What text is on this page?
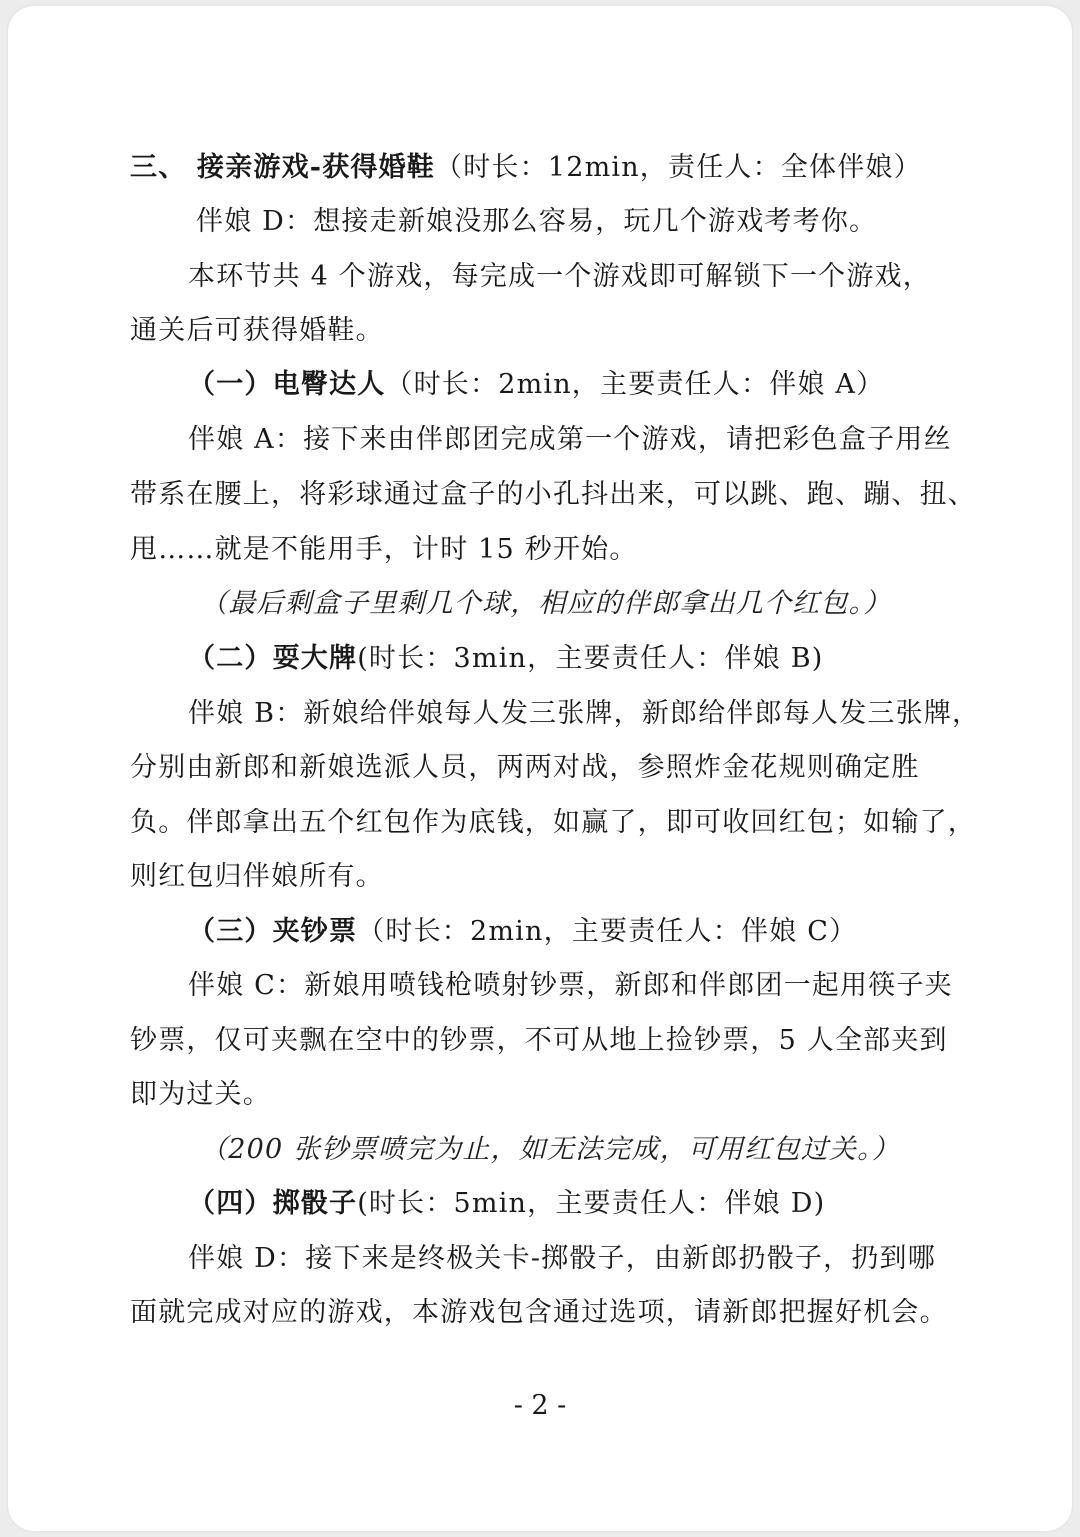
三、 接亲游戏-获得婚鞋（时长：12min，责任人：全体伴娘）
伴娘 D：想接走新娘没那么容易，玩几个游戏考考你。
本环节共 4 个游戏，每完成一个游戏即可解锁下一个游戏，
通关后可获得婚鞋。
（一）电臀达人（时长：2min，主要责任人：伴娘 A）
伴娘 A：接下来由伴郎团完成第一个游戏，请把彩色盒子用丝
带系在腰上，将彩球通过盒子的小孔抖出来，可以跳、跑、蹦、扭、
甩……就是不能用手，计时 15 秒开始。
（最后剩盒子里剩几个球，相应的伴郎拿出几个红包。）
（二）耍大牌(时长：3min，主要责任人：伴娘 B)
伴娘 B：新娘给伴娘每人发三张牌，新郎给伴郎每人发三张牌，
分别由新郎和新娘选派人员，两两对战，参照炸金花规则确定胜
负。伴郎拿出五个红包作为底钱，如赢了，即可收回红包；如输了，
则红包归伴娘所有。
（三）夹钞票（时长：2min，主要责任人：伴娘 C）
伴娘 C：新娘用喷钱枪喷射钞票，新郎和伴郎团一起用筷子夹
钞票，仅可夹飘在空中的钞票，不可从地上捡钞票，5 人全部夹到
即为过关。
（200 张钞票喷完为止，如无法完成，可用红包过关。）
（四）掷骰子(时长：5min，主要责任人：伴娘 D)
伴娘 D：接下来是终极关卡-掷骰子，由新郎扔骰子，扔到哪
面就完成对应的游戏，本游戏包含通过选项，请新郎把握好机会。
- 2 -
